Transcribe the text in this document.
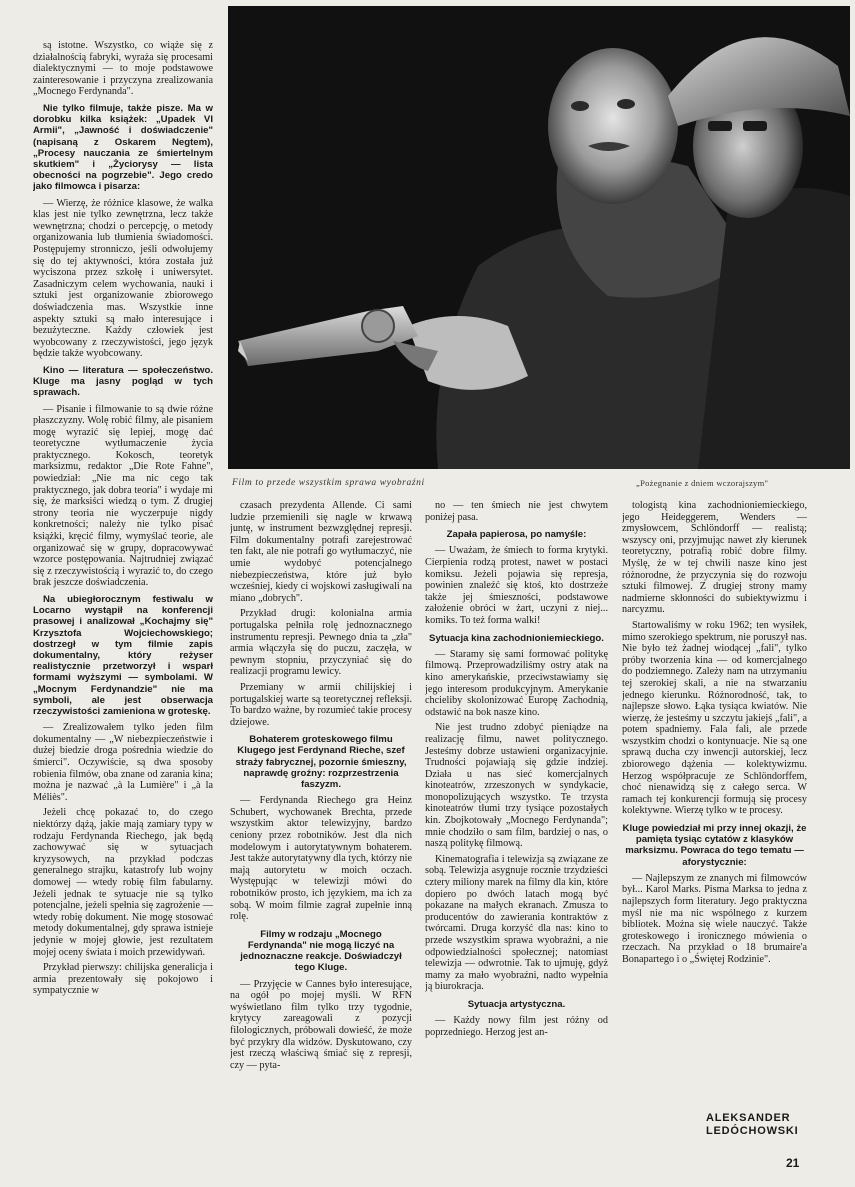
są istotne. Wszystko, co wiąże się z działalnością fabryki, wyraża się procesami dialektycznymi — to moje podstawowe zainteresowanie i przyczyna zrealizowania „Mocnego Ferdynanda".

Nie tylko filmuje, także pisze. Ma w dorobku kilka książek: „Upadek VI Armii", „Jawność i doświadczenie" (napisaną z Oskarem Negtem), „Procesy nauczania ze śmiertelnym skutkiem" i „Życiorysy — lista obecności na pogrzebie". Jego credo jako filmowca i pisarza:

— Wierzę, że różnice klasowe, że walka klas jest nie tylko zewnętrzna, lecz także wewnętrzna; chodzi o percepcję, o metody organizowania lub tłumienia świadomości. Postępujemy stronniczo, jeśli odwołujemy się do tej aktywności, która została już wyciszona przez szkołę i uniwersytet. Zasadniczym celem wychowania, nauki i sztuki jest organizowanie zbiorowego doświadczenia mas. Wszystkie inne aspekty sztuki są mało interesujące i bezużyteczne. Każdy człowiek jest wyobcowany z rzeczywistości, jego język będzie także wyobcowany.

Kino — literatura — społeczeństwo. Kluge ma jasny pogląd w tych sprawach.

— Pisanie i filmowanie to są dwie różne płaszczyzny. Wolę robić filmy, ale pisaniem mogę wyrazić się lepiej, mogę dać teoretyczne wytłumaczenie życia praktycznego. Kokosch, teoretyk marksizmu, redaktor „Die Rote Fahne", powiedział: „Nie ma nic cego tak praktycznego, jak dobra teoria" i wydaje mi się, że marksiści wiedzą o tym. Z drugiej strony teoria nie wyczerpuje nigdy konkretności; należy nie tylko pisać książki, kręcić filmy, wymyślać teorie, ale organizować się w grupy, dopracowywać wzorce postępowania. Najtrudniej związać się z rzeczywistością i wyrazić to, do czego brak jeszcze doświadczenia.

Na ubiegłorocznym festiwalu w Locarno wystąpił na konferencji prasowej i analizował „Kochajmy się" Krzysztofa Wojciechowskiego; dostrzegł w tym filmie zapis dokumentalny, który reżyser realistycznie przetworzył i wsparł formami wyższymi — symbolami. W „Mocnym Ferdynandzie" nie ma symboli, ale jest obserwacja rzeczywistości zamieniona w groteskę.

— Zrealizowałem tylko jeden film dokumentalny — „W niebezpieczeństwie i dużej biedzie droga pośrednia wiedzie do śmierci". Oczywiście, są dwa sposoby robienia filmów, oba znane od zarania kina; można je nazwać „à la Lumière" i „à la Méliès".

Jeżeli chcę pokazać to, do czego niektórzy dążą, jakie mają zamiary typy w rodzaju Ferdynanda Riechego, jak będą zachowywać się w sytuacjach kryzysowych, na przykład podczas generalnego strajku, katastrofy lub wojny domowej — wtedy robię film fabularny. Jeżeli jednak te sytuacje nie są tylko potencjalne, jeżeli spełnia się zagrożenie — wtedy robię dokument. Nie mogę stosować metody dokumentalnej, gdy sprawa istnieje jedynie w mojej głowie, jest rezultatem mojej oceny świata i moich przewidywań.

Przykład pierwszy: chilijska generalicja i armia prezentowały się pokojowo i sympatycznie w

Film to przede wszystkim sprawa wyobraźni	„Pożegnanie z dniem wczorajszym"

czasach prezydenta Allende. Ci sami ludzie przemienili się nagle w krwawą juntę, w instrument bezwzględnej represji. Film dokumentalny potrafi zarejestrować ten fakt, ale nie potrafi go wytłumaczyć, nie umie wydobyć potencjalnego niebezpieczeństwa, które już było wcześniej, kiedy ci wojskowi zasługiwali na miano „dobrych".

Przykład drugi: kolonialna armia portugalska pełniła rolę jednoznacznego instrumentu represji. Pewnego dnia ta „zła" armia włączyła się do puczu, zaczęła, w pewnym stopniu, przyczyniać się do realizacji programu lewicy.

Przemiany w armii chilijskiej i portugalskiej warte są teoretycznej refleksji. To bardzo ważne, by rozumieć takie procesy dziejowe.

Bohaterem groteskowego filmu Klugego jest Ferdynand Rieche, szef straży fabrycznej, pozornie śmieszny, naprawdę groźny: rozprzestrzenia faszyzm.

— Ferdynanda Riechego gra Heinz Schubert, wychowanek Brechta, przede wszystkim aktor telewizyjny, bardzo ceniony przez robotników. Jest dla nich modelowym i autorytatywnym bohaterem. Jest także autorytatywny dla tych, którzy nie mają autorytetu w moich oczach. Występując w telewizji mówi do robotników prosto, ich językiem, ma ich za sobą. W moim filmie zagrał zupełnie inną rolę.

Filmy w rodzaju „Mocnego Ferdynanda" nie mogą liczyć na jednoznaczne reakcje. Doświadczył tego Kluge.

— Przyjęcie w Cannes było interesujące, na ogół po mojej myśli. W RFN wyświetlano film tylko trzy tygodnie, krytycy zareagowali z pozycji filologicznych, próbowali dowieść, że może być przykry dla widzów. Dyskutowano, czy jest rzeczą właściwą śmiać się z represji, czy — pyta-

no — ten śmiech nie jest chwytem poniżej pasa.

Zapała papierosa, po namyśle:

— Uważam, że śmiech to forma krytyki. Cierpienia rodzą protest, nawet w postaci komiksu. Jeżeli pojawia się represja, powinien znaleźć się ktoś, kto dostrzeże także jej śmieszności, podstawowe założenie obróci w żart, uczyni z niej... komiks. To też forma walki!

Sytuacja kina zachodnioniemieckiego.

— Staramy się sami formować politykę filmową. Przeprowadziliśmy ostry atak na kino amerykańskie, przeciwstawiamy się jego interesom produkcyjnym. Amerykanie chcieliby skolonizować Europę Zachodnią, odstawić na bok nasze kino.

Nie jest trudno zdobyć pieniądze na realizację filmu, nawet politycznego. Jesteśmy dobrze ustawieni organizacyjnie. Trudności pojawiają się gdzie indziej. Działa u nas sieć komercjalnych kinoteatrów, zrzeszonych w syndykacie, monopolizujących wszystko. Te trzysta kinoteatrów tłumi trzy tysiące pozostałych kin. Zbojkotowały „Mocnego Ferdynanda"; mnie chodziło o sam film, bardziej o nas, o naszą politykę filmową.

Kinematografia i telewizja są związane ze sobą. Telewizja asygnuje rocznie trzydzieści cztery miliony marek na filmy dla kin, które dopiero po dwóch latach mogą być pokazane na małych ekranach. Zmusza to producentów do zawierania kontraktów z twórcami. Druga korzyść dla nas: kino to przede wszystkim sprawa wyobraźni, a nie odpowiedzialności społecznej; natomiast telewizja — odwrotnie. Tak to ujmuję, gdyż mamy za mało wyobraźni, nadto wypełnia ją biurokracja.

Sytuacja artystyczna.

— Każdy nowy film jest różny od poprzedniego. Herzog jest an-

tologistą kina zachodnioniemieckiego, jego Heideggerem, Wenders — zmysłowcem, Schlöndorff — realistą; wszyscy oni, przyjmując nawet zły kierunek teoretyczny, potrafią robić dobre filmy. Myślę, że w tej chwili nasze kino jest różnorodne, że przyczynia się do rozwoju sztuki filmowej. Z drugiej strony mamy nadmierne skłonności do subiektywizmu i narcyzmu.

Startowaliśmy w roku 1962; ten wysiłek, mimo szerokiego spektrum, nie poruszył nas. Nie było też żadnej wiodącej „fali", tylko próby tworzenia kina — od komercjalnego do podziemnego. Zależy nam na utrzymaniu tej szerokiej skali, a nie na stwarzaniu jednego kierunku. Różnorodność, tak, to najlepsze słowo. Łąka tysiąca kwiatów. Nie wierzę, że jesteśmy u szczytu jakiejś „fali", a potem spadniemy. Fala fali, ale przede wszystkim chodzi o kontynuacje. Nie są one sprawą ducha czy inwencji autorskiej, lecz zbiorowego dążenia — kolektywizmu. Herzog współpracuje ze Schlöndorffem, choć nienawidzą się z całego serca. W ramach tej konkurencji formują się procesy kolektywne. Wierzę tylko w te procesy.

Kluge powiedział mi przy innej okazji, że pamięta tysiąc cytatów z klasyków marksizmu. Powraca do tego tematu — aforystycznie:

— Najlepszym ze znanych mi filmowców był... Karol Marks. Pisma Marksa to jedna z najlepszych form literatury. Jego praktyczna myśl nie ma nic wspólnego z kurzem bibliotek. Można się wiele nauczyć. Także groteskowego i ironicznego mówienia o rzeczach. Na przykład o 18 brumaire'a Bonapartego i o „Świętej Rodzinie".

ALEKSANDER
LEDÓCHOWSKI
21
